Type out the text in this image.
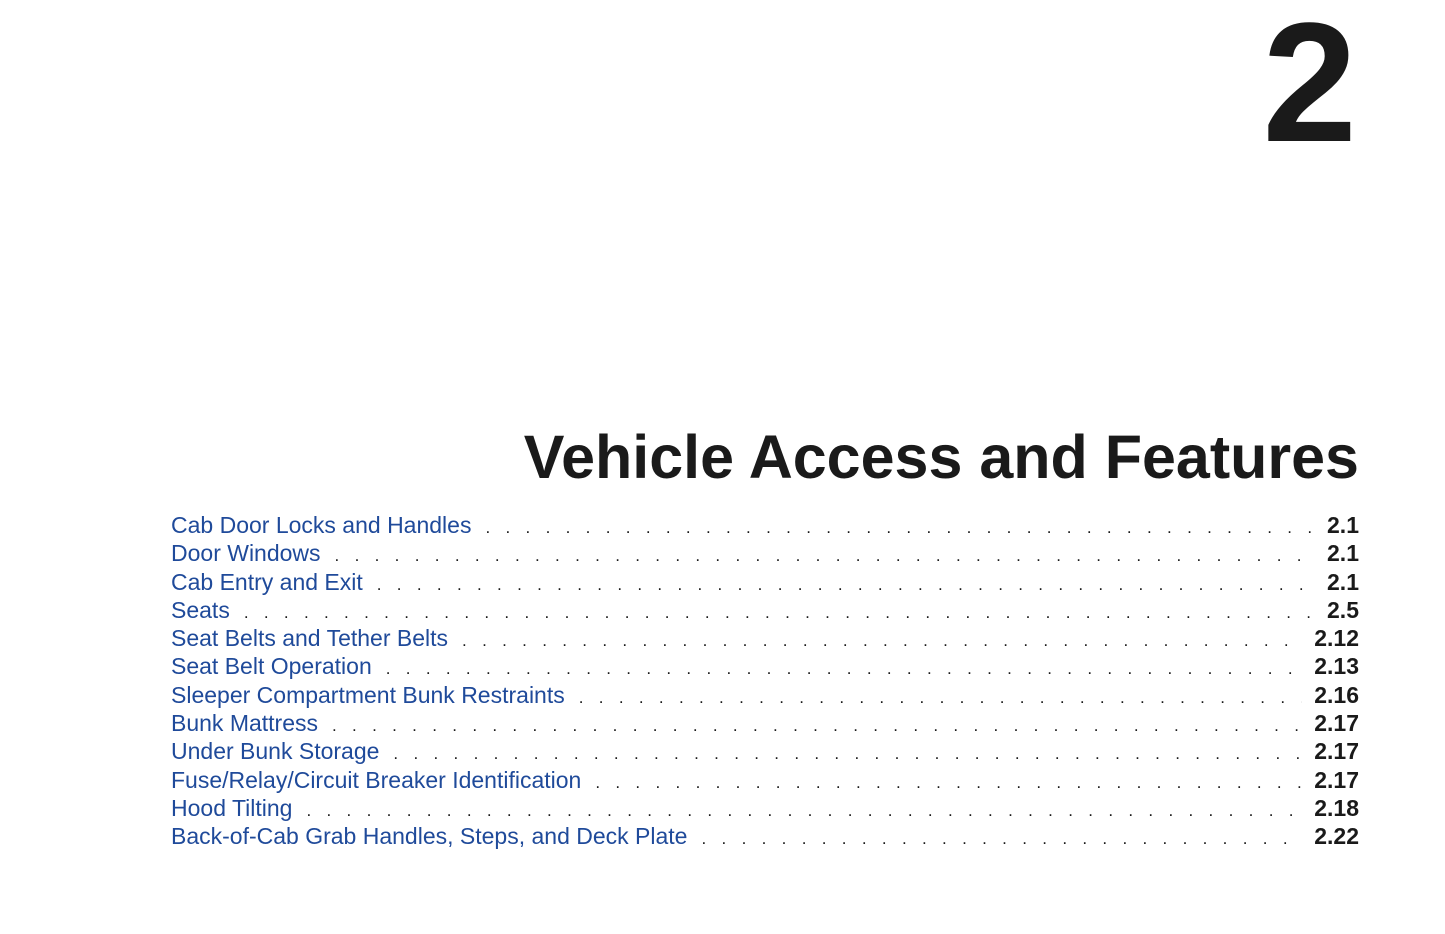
2
Vehicle Access and Features
Cab Door Locks and Handles . . .	2.1
Door Windows . . .	2.1
Cab Entry and Exit . . .	2.1
Seats . . .	2.5
Seat Belts and Tether Belts . . .	2.12
Seat Belt Operation . . .	2.13
Sleeper Compartment Bunk Restraints . . .	2.16
Bunk Mattress . . .	2.17
Under Bunk Storage . . .	2.17
Fuse/Relay/Circuit Breaker Identification . . .	2.17
Hood Tilting . . .	2.18
Back-of-Cab Grab Handles, Steps, and Deck Plate . . .	2.22
